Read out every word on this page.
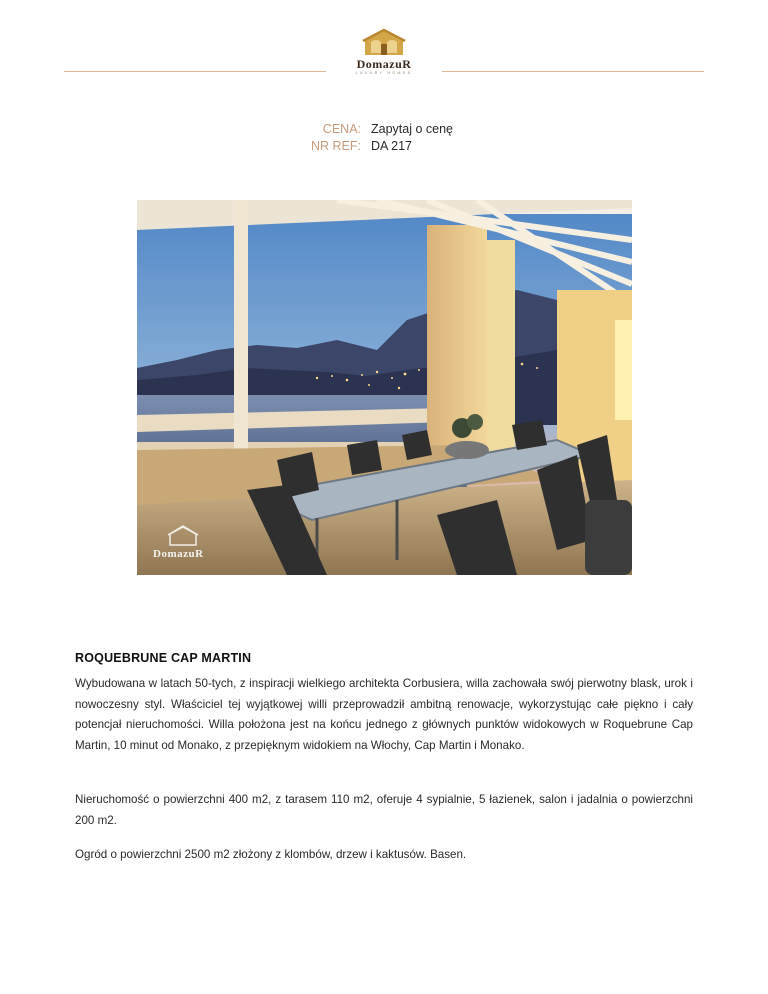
DomazuR
LUXURY HOMES
CENA: Zapytaj o cenę
NR REF: DA 217
DomazuR
ROQUEBRUNE CAP MARTIN

Wybudowana w latach 50-tych, z inspiracji wielkiego architekta Corbusiera, willa zachowała swój pierwotny blask, urok i nowoczesny styl. Właściciel tej wyjątkowej willi przeprowadził ambitną renowacje, wykorzystując całe piękno i cały potencjał nieruchomości. Willa położona jest na końcu jednego z głównych punktów widokowych w Roquebrune Cap Martin, 10 minut od Monako, z przepięknym widokiem na Włochy, Cap Martin i Monako.

Nieruchomość o powierzchni 400 m2, z tarasem 110 m2, oferuje 4 sypialnie, 5 łazienek, salon i jadalnia o powierzchni 200 m2.

Ogród o powierzchni 2500 m2 złożony z klombów, drzew i kaktusów. Basen.
